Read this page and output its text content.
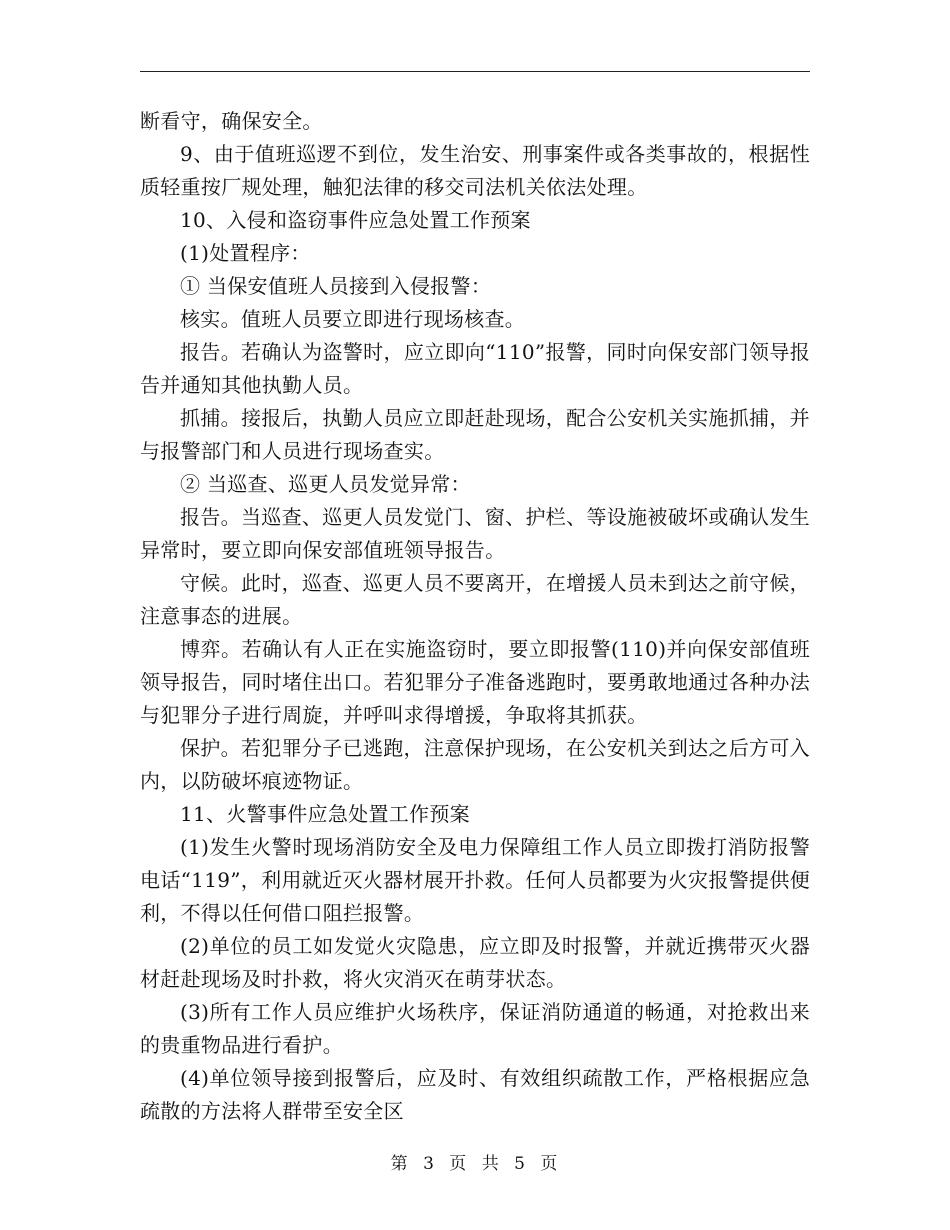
断看守，确保安全。

9、由于值班巡逻不到位，发生治安、刑事案件或各类事故的，根据性质轻重按厂规处理，触犯法律的移交司法机关依法处理。

10、入侵和盗窃事件应急处置工作预案

(1)处置程序：

① 当保安值班人员接到入侵报警：

核实。值班人员要立即进行现场核查。

报告。若确认为盗警时，应立即向“110”报警，同时向保安部门领导报告并通知其他执勤人员。

抓捕。接报后，执勤人员应立即赶赴现场，配合公安机关实施抓捕，并与报警部门和人员进行现场查实。

② 当巡查、巡更人员发觉异常：

报告。当巡查、巡更人员发觉门、窗、护栏、等设施被破坏或确认发生异常时，要立即向保安部值班领导报告。

守候。此时，巡查、巡更人员不要离开，在增援人员未到达之前守候，注意事态的进展。

博弈。若确认有人正在实施盗窃时，要立即报警(110)并向保安部值班领导报告，同时堵住出口。若犯罪分子准备逃跑时，要勇敢地通过各种办法与犯罪分子进行周旋，并呼叫求得增援，争取将其抓获。

保护。若犯罪分子已逃跑，注意保护现场，在公安机关到达之后方可入内，以防破坏痕迹物证。

11、火警事件应急处置工作预案

(1)发生火警时现场消防安全及电力保障组工作人员立即拨打消防报警电话“119”，利用就近灭火器材展开扑救。任何人员都要为火灾报警提供便利，不得以任何借口阻拦报警。

(2)单位的员工如发觉火灾隐患，应立即及时报警，并就近携带灭火器材赶赴现场及时扑救，将火灾消灭在萌芽状态。

(3)所有工作人员应维护火场秩序，保证消防通道的畅通，对抢救出来的贵重物品进行看护。

(4)单位领导接到报警后，应及时、有效组织疏散工作，严格根据应急疏散的方法将人群带至安全区

第 3 页 共 5 页
